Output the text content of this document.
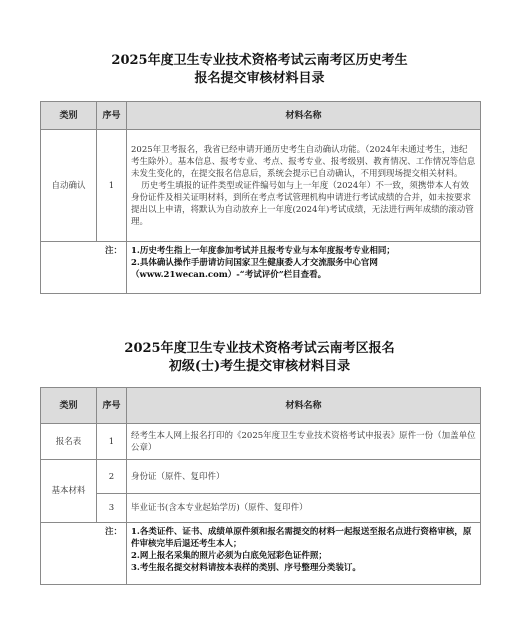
2025年度卫生专业技术资格考试云南考区历史考生
报名提交审核材料目录
类别	序号	材料名称
自动确认	1	2025年卫考报名，我省已经申请开通历史考生自动确认功能。（2024年未通过考生，违纪考生除外）。基本信息、报考专业、考点、报考专业、报考级别、教育情况、工作情况等信息未发生变化的，在提交报名信息后，系统会提示已自动确认，不用到现场提交相关材料。

历史考生填报的证件类型或证件编号如与上一年度（2024年）不一致，须携带本人有效身份证件及相关证明材料，到所在考点考试管理机构申请进行考试成绩的合并，如未按要求提出以上申请，将默认为自动放弃上一年度(2024年)考试成绩，无法进行两年成绩的滚动管理。

注：		1.历史考生指上一年度参加考试并且报考专业与本年度报考专业相同；
2.具体确认操作手册请访问国家卫生健康委人才交流服务中心官网（www.21wecan.com）-“考试评价”栏目查看。
2025年度卫生专业技术资格考试云南考区报名
初级(士)考生提交审核材料目录
类别	序号	材料名称
报名表	1	经考生本人网上报名打印的《2025年度卫生专业技术资格考试申报表》原件一份（加盖单位公章）
基本材料	2	身份证（原件、复印件）
	3	毕业证书(含本专业起始学历)（原件、复印件）
注：		1.各类证件、证书、成绩单原件须和报名需提交的材料一起报送至报名点进行资格审核，原件审核完毕后退还考生本人；
2.网上报名采集的照片必须为白底免冠彩色证件照；
3.考生报名提交材料请按本表样的类别、序号整理分类装订。
